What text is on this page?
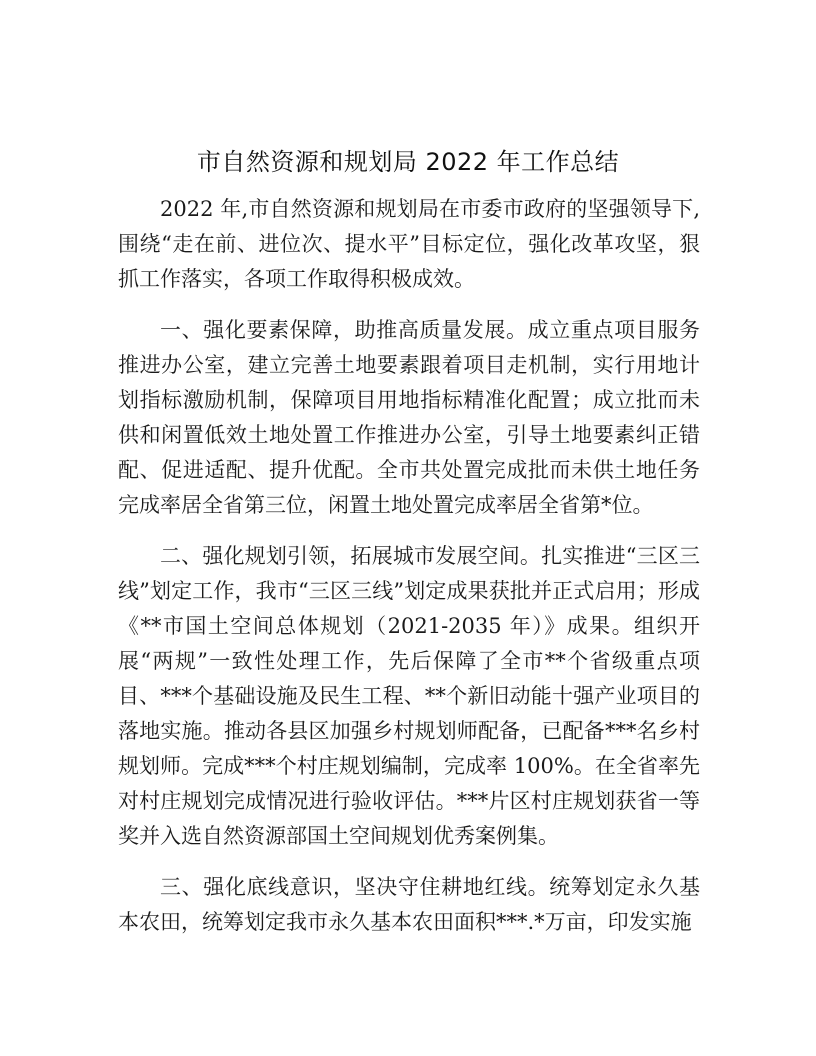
市自然资源和规划局 2022 年工作总结

2022 年,市自然资源和规划局在市委市政府的坚强领导下,围绕“走在前、进位次、提水平”目标定位，强化改革攻坚，狠抓工作落实，各项工作取得积极成效。

一、强化要素保障，助推高质量发展。成立重点项目服务推进办公室，建立完善土地要素跟着项目走机制，实行用地计划指标激励机制，保障项目用地指标精准化配置；成立批而未供和闲置低效土地处置工作推进办公室，引导土地要素纠正错配、促进适配、提升优配。全市共处置完成批而未供土地任务完成率居全省第三位，闲置土地处置完成率居全省第*位。

二、强化规划引领，拓展城市发展空间。扎实推进“三区三线”划定工作，我市“三区三线”划定成果获批并正式启用；形成《**市国土空间总体规划（2021-2035 年）》成果。组织开展“两规”一致性处理工作，先后保障了全市**个省级重点项目、***个基础设施及民生工程、**个新旧动能十强产业项目的落地实施。推动各县区加强乡村规划师配备，已配备***名乡村规划师。完成***个村庄规划编制，完成率 100%。在全省率先对村庄规划完成情况进行验收评估。***片区村庄规划获省一等奖并入选自然资源部国土空间规划优秀案例集。

三、强化底线意识，坚决守住耕地红线。统筹划定永久基本农田，统筹划定我市永久基本农田面积***.*万亩，印发实施
